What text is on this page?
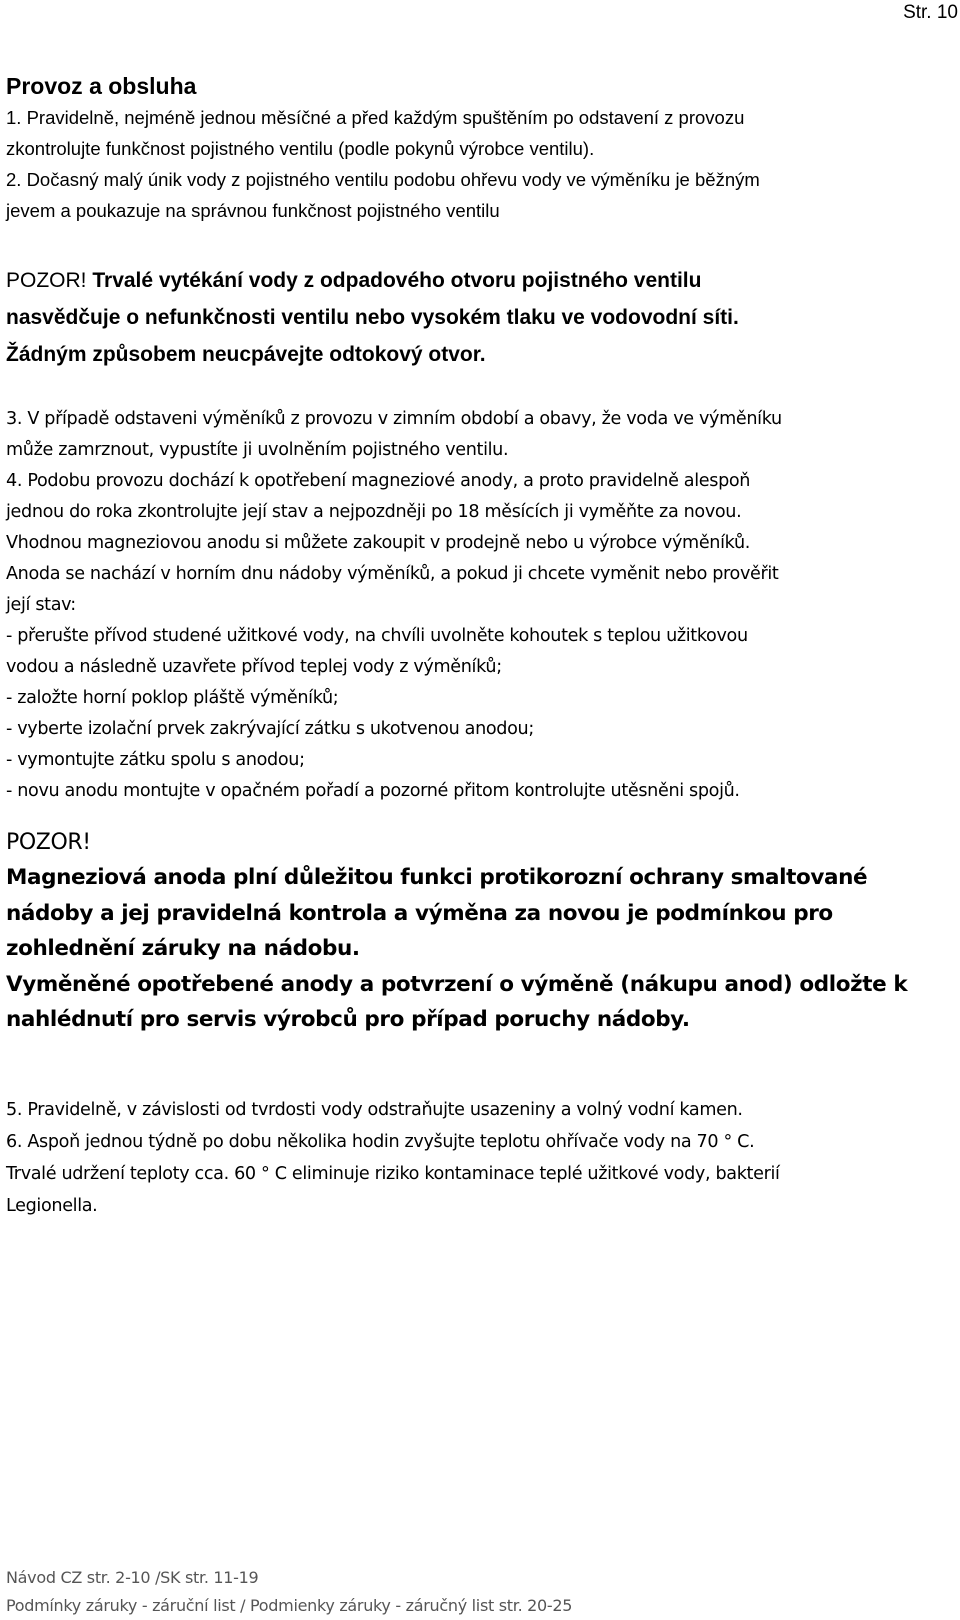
Str. 10
Provoz a obsluha
1. Pravidelně, nejméně jednou měsíčné a před každým spuštěním po odstavení z provozu
zkontrolujte funkčnost pojistného ventilu (podle pokynů výrobce ventilu).
2. Dočasný malý únik vody z pojistného ventilu podobu ohřevu vody ve výměníku je běžným
jevem a poukazuje na správnou funkčnost pojistného ventilu
POZOR! Trvalé vytékání vody z odpadového otvoru pojistného ventilu
nasvědčuje o nefunkčnosti ventilu nebo vysokém tlaku ve vodovodní síti.
Žádným způsobem neucpávejte odtokový otvor.
3. V případě odstaveni výměníků z provozu v zimním období a obavy, že voda ve výměníku
může zamrznout, vypustíte ji uvolněním pojistného ventilu.
4. Podobu provozu dochází k opotřebení magneziové anody, a proto pravidelně alespoň
jednou do roka zkontrolujte její stav a nejpozdněji po 18 měsících ji vyměňte za novou.
Vhodnou magneziovou anodu si můžete zakoupit v prodejně nebo u výrobce výměníků.
Anoda se nachází v horním dnu nádoby výměníků, a pokud ji chcete vyměnit nebo prověřit
její stav:
- přerušte přívod studené užitkové vody, na chvíli uvolněte kohoutek s teplou užitkovou
vodou a následně uzavřete přívod teplej vody z výměníků;
- založte horní poklop pláště výměníků;
- vyberte izolační prvek zakrývající zátku s ukotvenou anodou;
- vymontujte zátku spolu s anodou;
- novu anodu montujte v opačném pořadí a pozorné přitom kontrolujte utěsněni spojů.
POZOR!
Magneziová anoda plní důležitou funkci protikorozní ochrany smaltované
nádoby a jej pravidelná kontrola a výměna za novou je podmínkou pro
zohlednění záruky na nádobu.
Vyměněné opotřebené anody a potvrzení o výměně (nákupu anod) odložte k
nahlédnutí pro servis výrobců pro případ poruchy nádoby.
5. Pravidelně, v závislosti od tvrdosti vody odstraňujte usazeniny a volný vodní kamen.
6. Aspoň jednou týdně po dobu několika hodin zvyšujte teplotu ohřívače vody na 70 ° C.
Trvalé udržení teploty cca. 60 ° C eliminuje riziko kontaminace teplé užitkové vody, bakterií
Legionella.
Návod CZ str. 2-10 /SK str. 11-19
Podmínky záruky - záruční list / Podmienky záruky - záručný list str. 20-25
